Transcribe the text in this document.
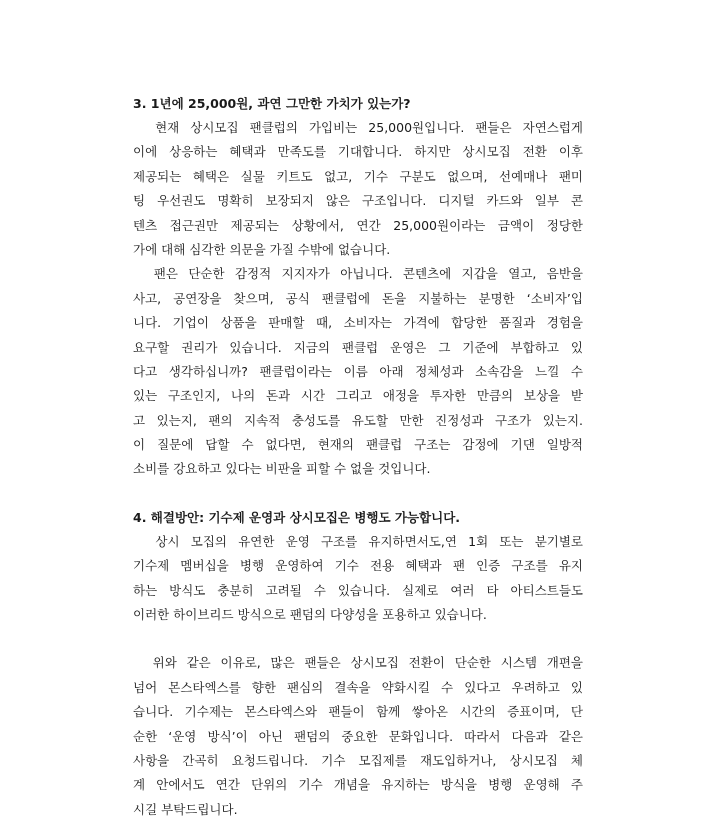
3. 1년에 25,000원, 과연 그만한 가치가 있는가?

현재 상시모집 팬클럽의 가입비는 25,000원입니다. 팬들은 자연스럽게
이에 상응하는 혜택과 만족도를 기대합니다. 하지만 상시모집 전환 이후
제공되는 혜택은 실물 키트도 없고, 기수 구분도 없으며, 선예매나 팬미
팅 우선권도 명확히 보장되지 않은 구조입니다. 디지털 카드와 일부 콘
텐츠 접근권만 제공되는 상황에서, 연간 25,000원이라는 금액이 정당한
가에 대해 심각한 의문을 가질 수밖에 없습니다.

팬은 단순한 감정적 지지자가 아닙니다. 콘텐츠에 지갑을 열고, 음반을
사고, 공연장을 찾으며, 공식 팬클럽에 돈을 지불하는 분명한 ‘소비자’입
니다. 기업이 상품을 판매할 때, 소비자는 가격에 합당한 품질과 경험을
요구할 권리가 있습니다. 지금의 팬클럽 운영은 그 기준에 부합하고 있
다고 생각하십니까? 팬클럽이라는 이름 아래 정체성과 소속감을 느낄 수
있는 구조인지, 나의 돈과 시간 그리고 애정을 투자한 만큼의 보상을 받
고 있는지, 팬의 지속적 충성도를 유도할 만한 진정성과 구조가 있는지.
이 질문에 답할 수 없다면, 현재의 팬클럽 구조는 감정에 기댄 일방적
소비를 강요하고 있다는 비판을 피할 수 없을 것입니다.

4. 해결방안: 기수제 운영과 상시모집은 병행도 가능합니다.

상시 모집의 유연한 운영 구조를 유지하면서도,연 1회 또는 분기별로
기수제 멤버십을 병행 운영하여 기수 전용 혜택과 팬 인증 구조를 유지
하는 방식도 충분히 고려될 수 있습니다. 실제로 여러 타 아티스트들도
이러한 하이브리드 방식으로 팬덤의 다양성을 포용하고 있습니다.

위와 같은 이유로, 많은 팬들은 상시모집 전환이 단순한 시스템 개편을
넘어 몬스타엑스를 향한 팬심의 결속을 약화시킬 수 있다고 우려하고 있
습니다. 기수제는 몬스타엑스와 팬들이 함께 쌓아온 시간의 증표이며, 단
순한 ‘운영 방식’이 아닌 팬덤의 중요한 문화입니다. 따라서 다음과 같은
사항을 간곡히 요청드립니다. 기수 모집제를 재도입하거나, 상시모집 체
계 안에서도 연간 단위의 기수 개념을 유지하는 방식을 병행 운영해 주
시길 부탁드립니다.
